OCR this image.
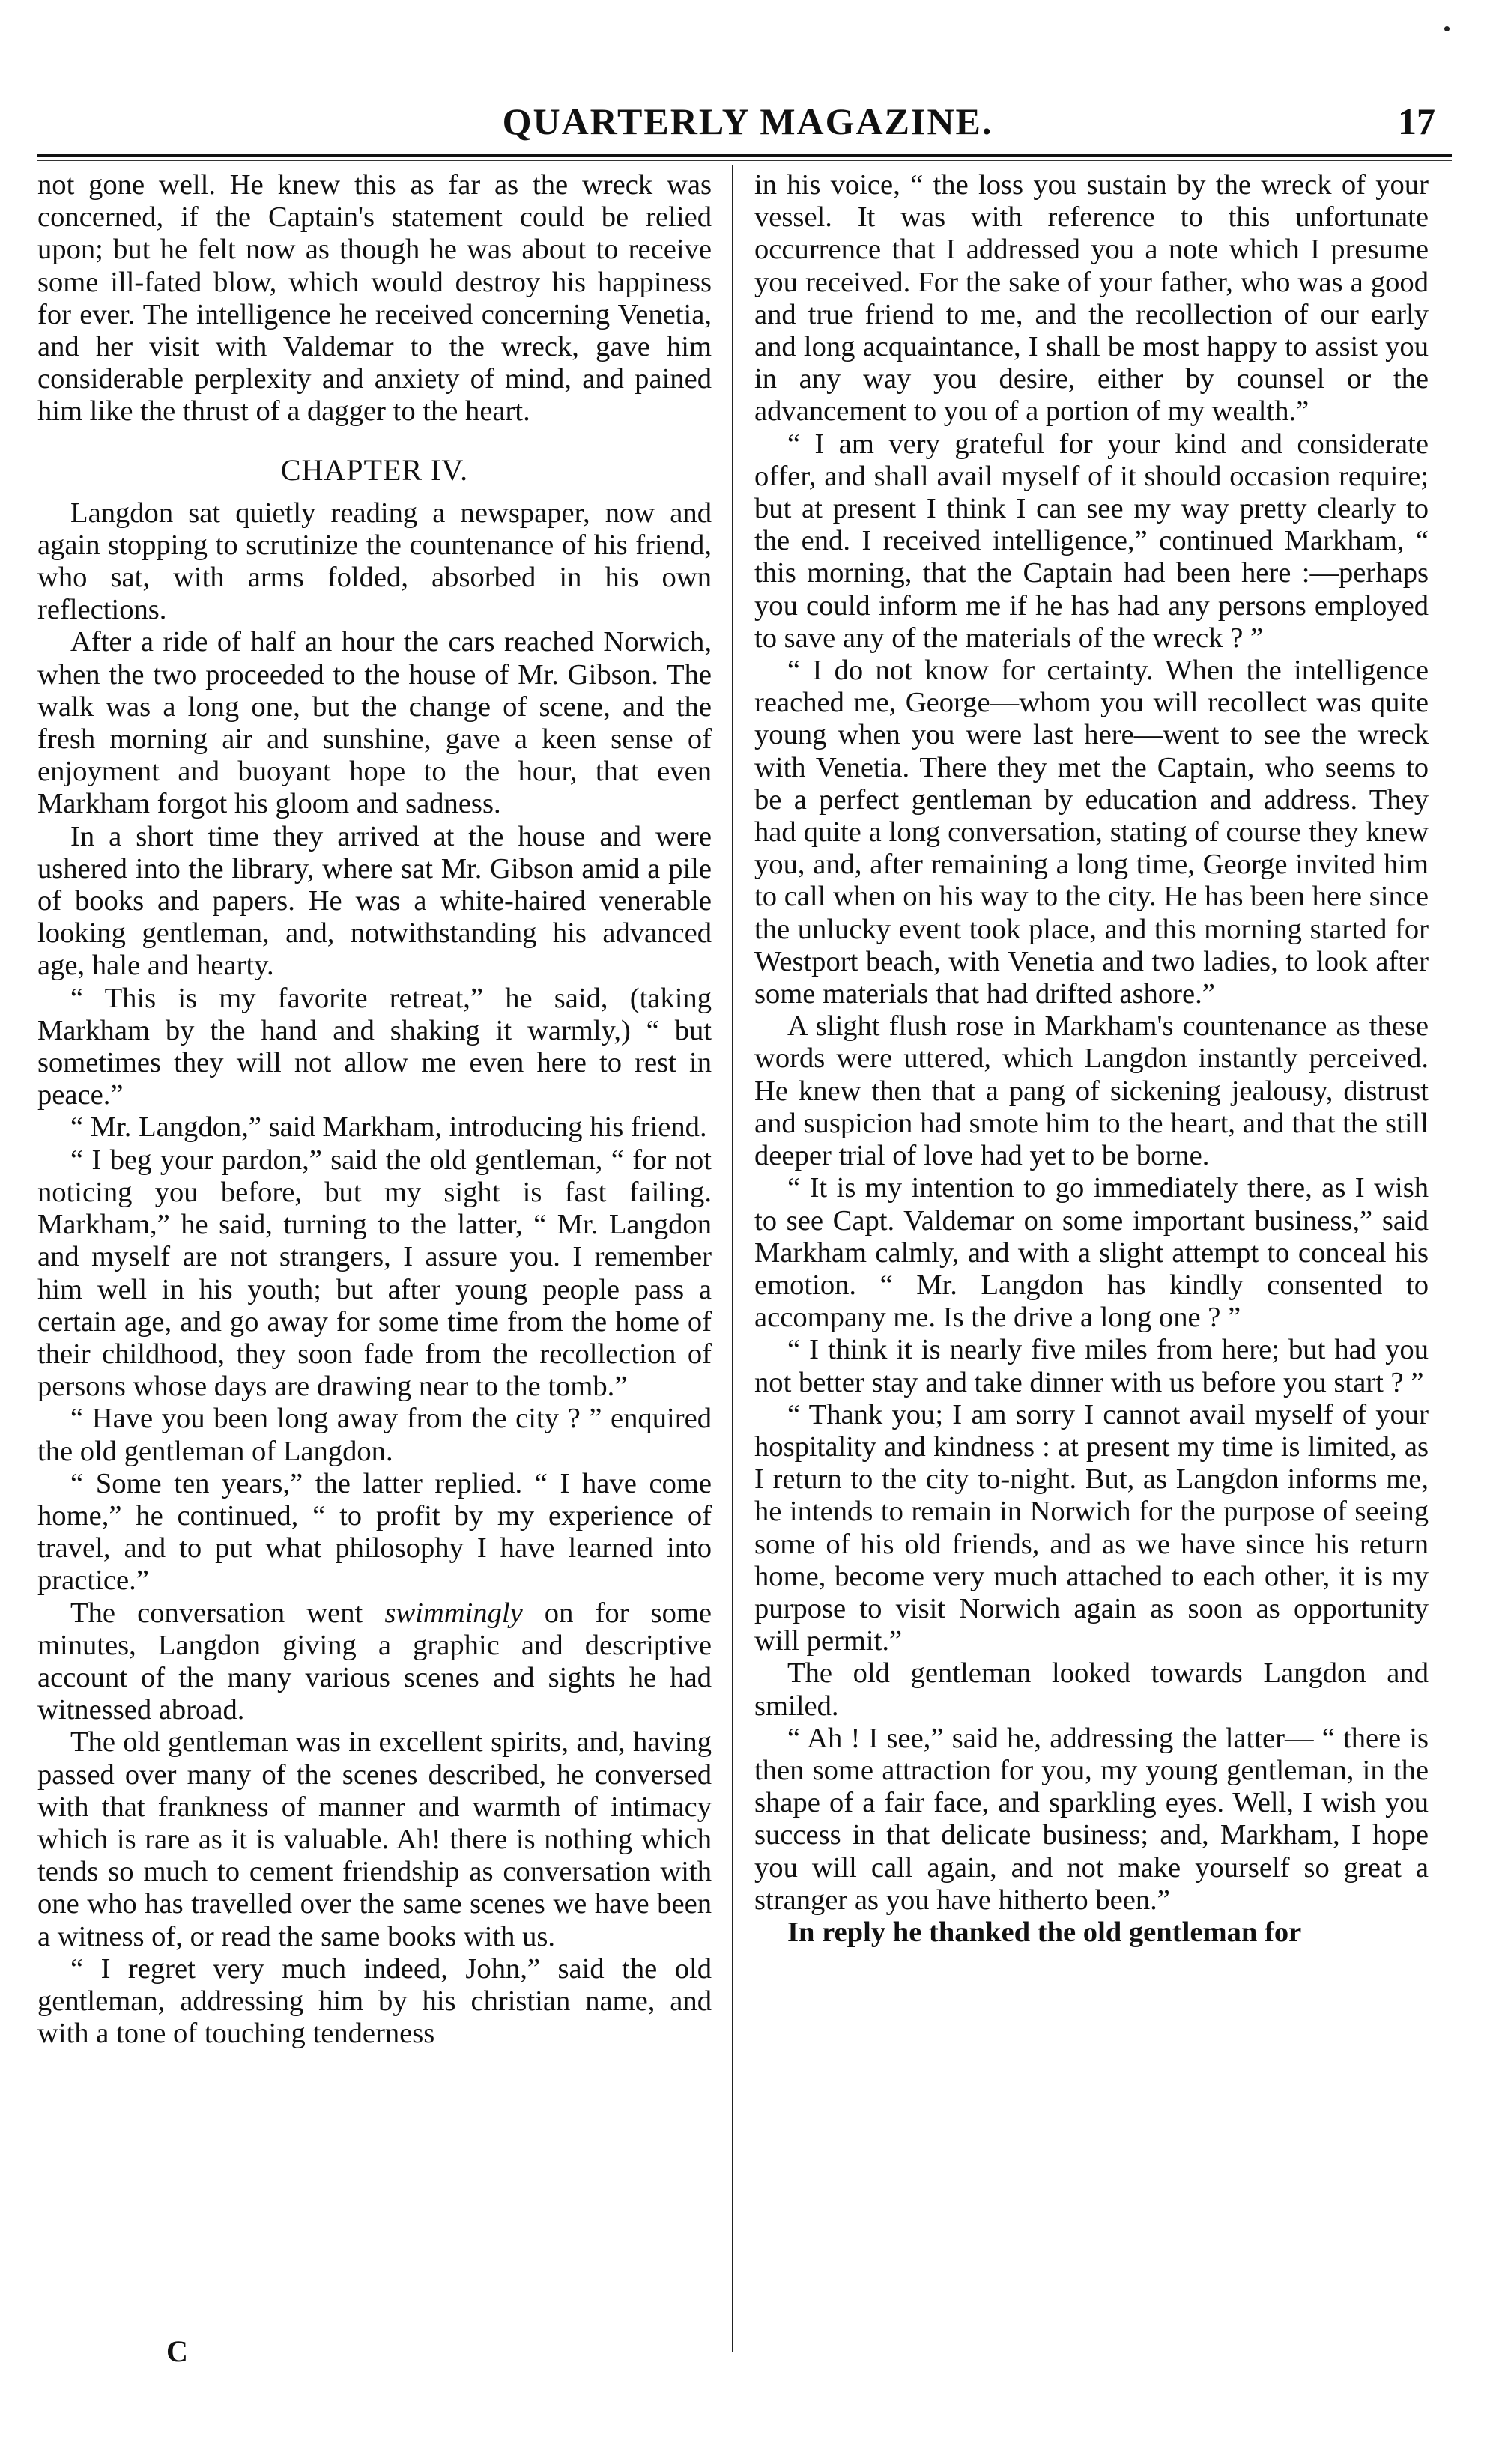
QUARTERLY MAGAZINE.	17

not gone well. He knew this as far as the wreck was concerned, if the Captain's statement could be relied upon; but he felt now as though he was about to receive some ill-fated blow, which would destroy his happiness for ever. The intelligence he received concerning Venetia, and her visit with Valdemar to the wreck, gave him considerable perplexity and anxiety of mind, and pained him like the thrust of a dagger to the heart.

CHAPTER IV.

Langdon sat quietly reading a newspaper, now and again stopping to scrutinize the countenance of his friend, who sat, with arms folded, absorbed in his own reflections.

After a ride of half an hour the cars reached Norwich, when the two proceeded to the house of Mr. Gibson. The walk was a long one, but the change of scene, and the fresh morning air and sunshine, gave a keen sense of enjoyment and buoyant hope to the hour, that even Markham forgot his gloom and sadness.

In a short time they arrived at the house and were ushered into the library, where sat Mr. Gibson amid a pile of books and papers. He was a white-haired venerable looking gentleman, and, notwithstanding his advanced age, hale and hearty.

“ This is my favorite retreat,” he said, (taking Markham by the hand and shaking it warmly,) “ but sometimes they will not allow me even here to rest in peace.”

“ Mr. Langdon,” said Markham, introducing his friend.

“ I beg your pardon,” said the old gentleman, “ for not noticing you before, but my sight is fast failing. Markham,” he said, turning to the latter, “ Mr. Langdon and myself are not strangers, I assure you. I remember him well in his youth; but after young people pass a certain age, and go away for some time from the home of their childhood, they soon fade from the recollection of persons whose days are drawing near to the tomb.”

“ Have you been long away from the city ? ” enquired the old gentleman of Langdon.

“ Some ten years,” the latter replied. “ I have come home,” he continued, “ to profit by my experience of travel, and to put what philosophy I have learned into practice.”

The conversation went swimmingly on for some minutes, Langdon giving a graphic and descriptive account of the many various scenes and sights he had witnessed abroad.

The old gentleman was in excellent spirits, and, having passed over many of the scenes described, he conversed with that frankness of manner and warmth of intimacy which is rare as it is valuable. Ah! there is nothing which tends so much to cement friendship as conversation with one who has travelled over the same scenes we have been a witness of, or read the same books with us.

“ I regret very much indeed, John,” said the old gentleman, addressing him by his christian name, and with a tone of touching tenderness

in his voice, “ the loss you sustain by the wreck of your vessel. It was with reference to this unfortunate occurrence that I addressed you a note which I presume you received. For the sake of your father, who was a good and true friend to me, and the recollection of our early and long acquaintance, I shall be most happy to assist you in any way you desire, either by counsel or the advancement to you of a portion of my wealth.”

“ I am very grateful for your kind and considerate offer, and shall avail myself of it should occasion require; but at present I think I can see my way pretty clearly to the end. I received intelligence,” continued Markham, “ this morning, that the Captain had been here :—perhaps you could inform me if he has had any persons employed to save any of the materials of the wreck ? ”

“ I do not know for certainty. When the intelligence reached me, George—whom you will recollect was quite young when you were last here—went to see the wreck with Venetia. There they met the Captain, who seems to be a perfect gentleman by education and address. They had quite a long conversation, stating of course they knew you, and, after remaining a long time, George invited him to call when on his way to the city. He has been here since the unlucky event took place, and this morning started for Westport beach, with Venetia and two ladies, to look after some materials that had drifted ashore.”

A slight flush rose in Markham's countenance as these words were uttered, which Langdon instantly perceived. He knew then that a pang of sickening jealousy, distrust and suspicion had smote him to the heart, and that the still deeper trial of love had yet to be borne.

“ It is my intention to go immediately there, as I wish to see Capt. Valdemar on some important business,” said Markham calmly, and with a slight attempt to conceal his emotion. “ Mr. Langdon has kindly consented to accompany me. Is the drive a long one ? ”

“ I think it is nearly five miles from here; but had you not better stay and take dinner with us before you start ? ”

“ Thank you; I am sorry I cannot avail myself of your hospitality and kindness : at present my time is limited, as I return to the city to-night. But, as Langdon informs me, he intends to remain in Norwich for the purpose of seeing some of his old friends, and as we have since his return home, become very much attached to each other, it is my purpose to visit Norwich again as soon as opportunity will permit.”

The old gentleman looked towards Langdon and smiled.

“ Ah ! I see,” said he, addressing the latter— “ there is then some attraction for you, my young gentleman, in the shape of a fair face, and sparkling eyes. Well, I wish you success in that delicate business; and, Markham, I hope you will call again, and not make yourself so great a stranger as you have hitherto been.”

In reply he thanked the old gentleman for

C
